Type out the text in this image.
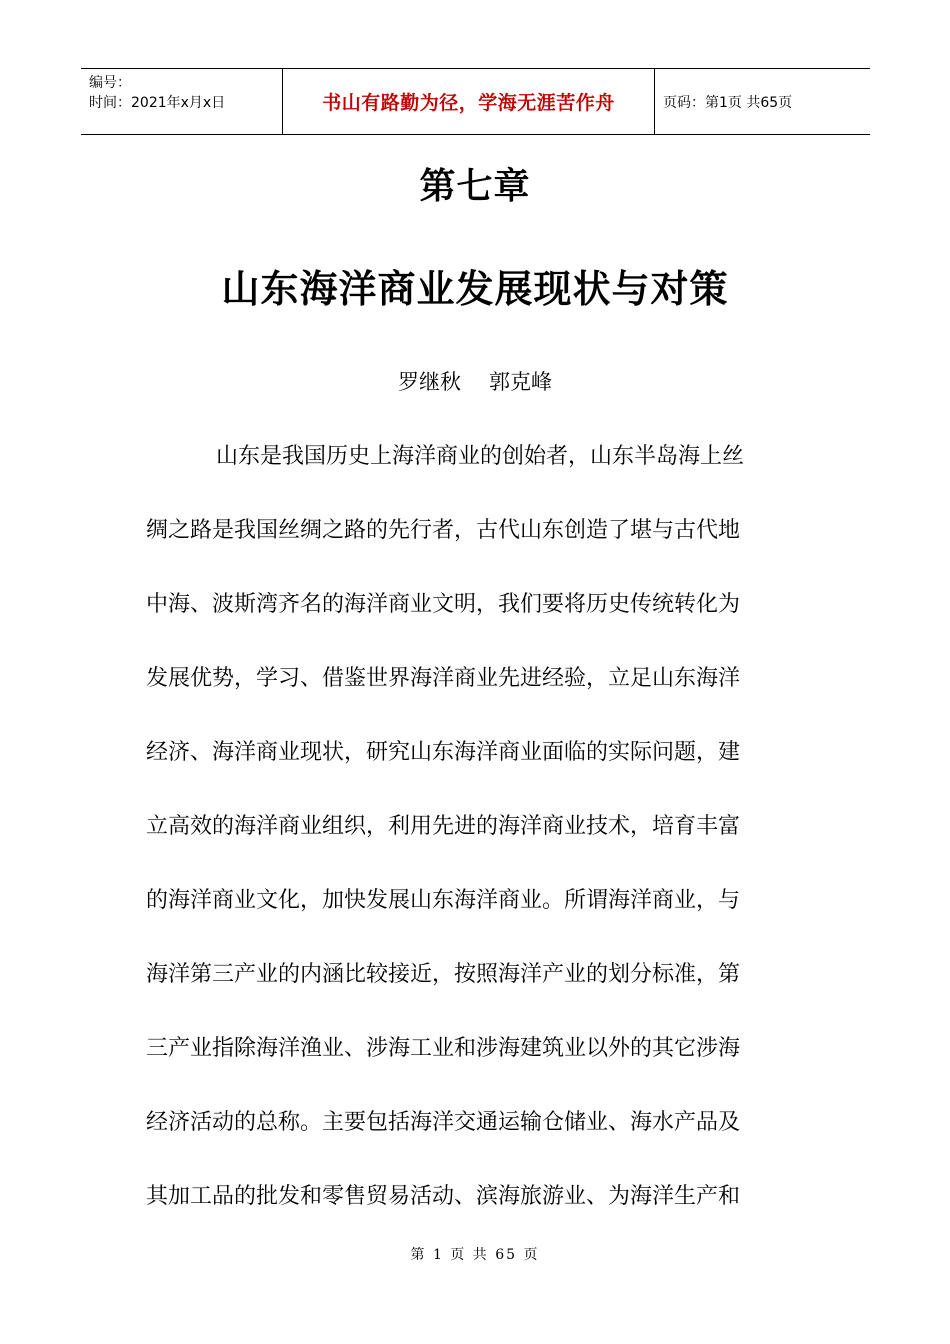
编号：
时间：2021年x月x日	书山有路勤为径，学海无涯苦作舟	页码：第1页 共65页
第七章
山东海洋商业发展现状与对策
罗继秋 郭克峰
山东是我国历史上海洋商业的创始者，山东半岛海上丝
绸之路是我国丝绸之路的先行者，古代山东创造了堪与古代地
中海、波斯湾齐名的海洋商业文明，我们要将历史传统转化为
发展优势，学习、借鉴世界海洋商业先进经验，立足山东海洋
经济、海洋商业现状，研究山东海洋商业面临的实际问题，建
立高效的海洋商业组织，利用先进的海洋商业技术，培育丰富
的海洋商业文化，加快发展山东海洋商业。所谓海洋商业，与
海洋第三产业的内涵比较接近，按照海洋产业的划分标准，第
三产业指除海洋渔业、涉海工业和涉海建筑业以外的其它涉海
经济活动的总称。主要包括海洋交通运输仓储业、海水产品及
其加工品的批发和零售贸易活动、滨海旅游业、为海洋生产和
第 1 页 共 65 页
